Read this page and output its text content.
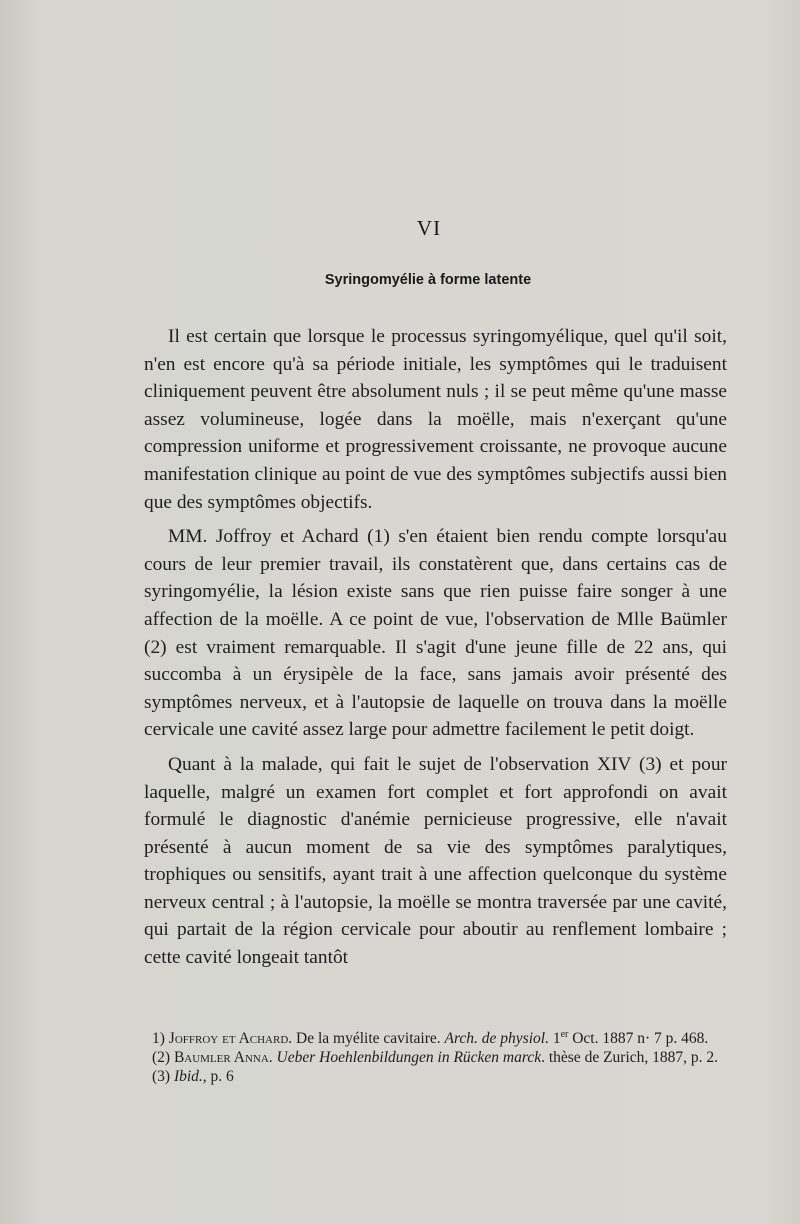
VI
Syringomyélie à forme latente

Il est certain que lorsque le processus syringomyélique, quel qu'il soit, n'en est encore qu'à sa période initiale, les symptômes qui le traduisent cliniquement peuvent être absolument nuls ; il se peut même qu'une masse assez volumineuse, logée dans la moëlle, mais n'exerçant qu'une compression uniforme et progressivement croissante, ne provoque aucune manifestation clinique au point de vue des symptômes subjectifs aussi bien que des symptômes objectifs.

MM. Joffroy et Achard (1) s'en étaient bien rendu compte lorsqu'au cours de leur premier travail, ils constatèrent que, dans certains cas de syringomyélie, la lésion existe sans que rien puisse faire songer à une affection de la moëlle. A ce point de vue, l'observation de Mlle Baümler (2) est vraiment remarquable. Il s'agit d'une jeune fille de 22 ans, qui succomba à un érysipèle de la face, sans jamais avoir présenté des symptômes nerveux, et à l'autopsie de laquelle on trouva dans la moëlle cervicale une cavité assez large pour admettre facilement le petit doigt.

Quant à la malade, qui fait le sujet de l'observation XIV (3) et pour laquelle, malgré un examen fort complet et fort approfondi on avait formulé le diagnostic d'anémie pernicieuse progressive, elle n'avait présenté à aucun moment de sa vie des symptômes paralytiques, trophiques ou sensitifs, ayant trait à une affection quelconque du système nerveux central ; à l'autopsie, la moëlle se montra traversée par une cavité, qui partait de la région cervicale pour aboutir au renflement lombaire ; cette cavité longeait tantôt

1) Joffroy et Achard. De la myélite cavitaire. Arch. de physiol. 1er Oct. 1887 n· 7 p. 468.

(2) Baumler Anna. Ueber Hoehlenbildungen in Rücken marck. thèse de Zurich, 1887, p. 2.

(3) Ibid., p. 6
